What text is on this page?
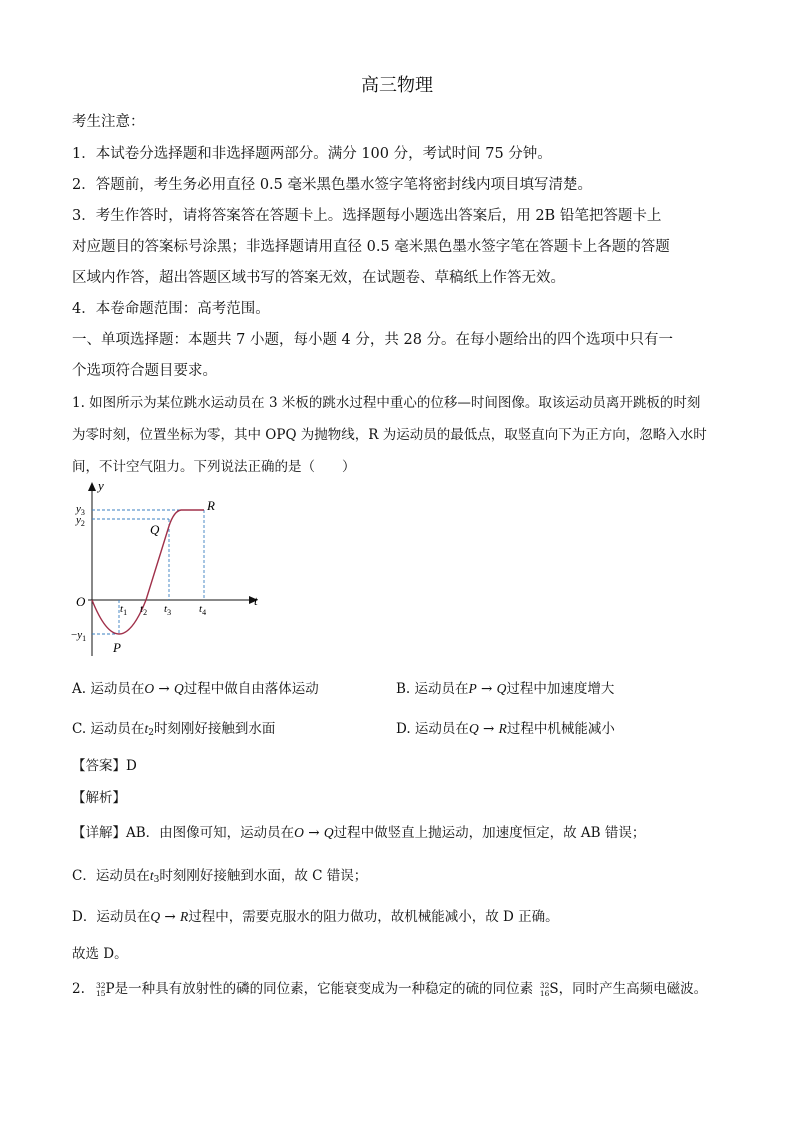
高三物理
考生注意：
1．本试卷分选择题和非选择题两部分。满分 100 分，考试时间 75 分钟。
2．答题前，考生务必用直径 0.5 毫米黑色墨水签字笔将密封线内项目填写清楚。
3．考生作答时，请将答案答在答题卡上。选择题每小题选出答案后，用 2B 铅笔把答题卡上
对应题目的答案标号涂黑；非选择题请用直径 0.5 毫米黑色墨水签字笔在答题卡上各题的答题
区域内作答，超出答题区域书写的答案无效，在试题卷、草稿纸上作答无效。
4．本卷命题范围：高考范围。
一、单项选择题：本题共 7 小题，每小题 4 分，共 28 分。在每小题给出的四个选项中只有一
个选项符合题目要求。
1. 如图所示为某位跳水运动员在 3 米板的跳水过程中重心的位移—时间图像。取该运动员离开跳板的时刻
为零时刻，位置坐标为零，其中 OPQ 为抛物线，R 为运动员的最低点，取竖直向下为正方向，忽略入水时
间，不计空气阻力。下列说法正确的是（　　）
y
t
O
$y_3$
$y_2$
$-y_1$
Q
R
P
$t_1$ $t_2$ $t_3$	$t_4$
A. 运动员在O → Q过程中做自由落体运动	B. 运动员在P → Q过程中加速度增大
C. 运动员在$t_2$时刻刚好接触到水面	D. 运动员在Q → R过程中机械能减小
【答案】D
【解析】
【详解】AB．由图像可知，运动员在O → Q过程中做竖直上抛运动，加速度恒定，故 AB 错误；
C．运动员在$t_3$时刻刚好接触到水面，故 C 错误；
D．运动员在Q → R过程中，需要克服水的阻力做功，故机械能减小，故 D 正确。
故选 D。
2.	32
15 P是一种具有放射性的磷的同位素，它能衰变成为一种稳定的硫的同位素 32
16 S，同时产生高频电磁波。
